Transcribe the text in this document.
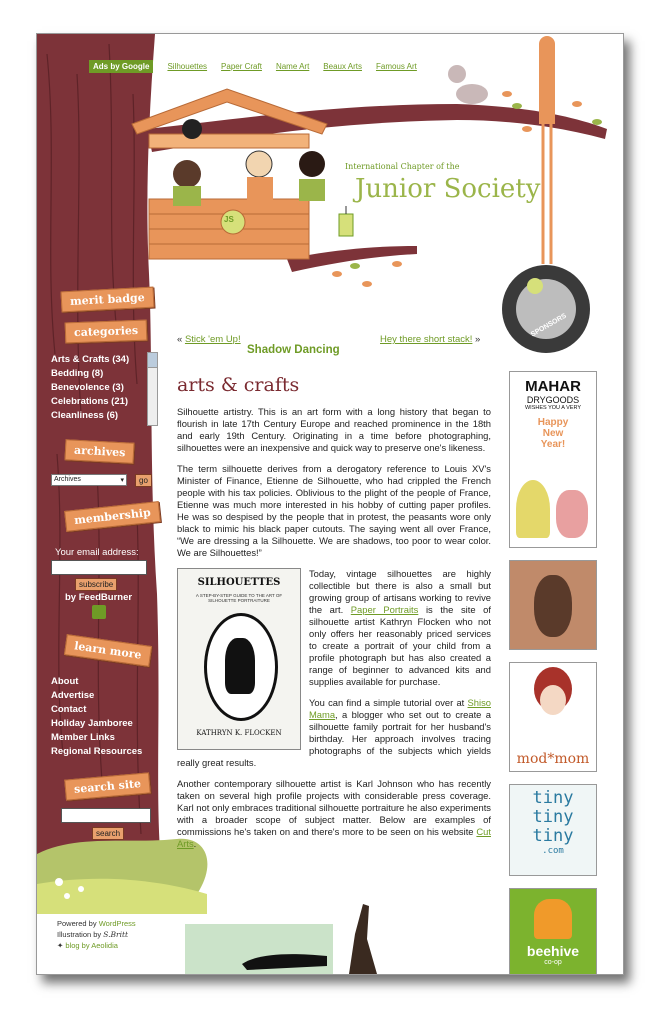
Ads by Google	Silhouettes Paper Craft Name Art Beaux Arts Famous Art
International Chapter of the
Junior Society
JS
SPONSORS
merit badge
categories
Arts & Crafts (34)
Bedding (8)
Benevolence (3)
Celebrations (21)
Cleanliness (6)
archives
Archives	▾	go
membership
Your email address:
subscribe
by FeedBurner
learn more
About
Advertise
Contact
Holiday Jamboree
Member Links
Regional Resources
search site
search
« Stick 'em Up!	Hey there short stack! »
Shadow Dancing
arts & crafts

Silhouette artistry. This is an art form with a long history that began to flourish in late 17th Century Europe and reached prominence in the 18th and early 19th Century. Originating in a time before photographing, silhouettes were an inexpensive and quick way to preserve one's likeness.

The term silhouette derives from a derogatory reference to Louis XV's Minister of Finance, Etienne de Silhouette, who had crippled the French people with his tax policies. Oblivious to the plight of the people of France, Etienne was much more interested in his hobby of cutting paper profiles. He was so despised by the people that in protest, the peasants wore only black to mimic his black paper cutouts. The saying went all over France, “We are dressing a la Silhouette. We are shadows, too poor to wear color. We are Silhouettes!”

SILHOUETTES
A STEP-BY-STEP GUIDE TO THE ART OF SILHOUETTE PORTRAITURE
KATHRYN K. FLOCKEN

Today, vintage silhouettes are highly collectible but there is also a small but growing group of artisans working to revive the art. Paper Portraits is the site of silhouette artist Kathryn Flocken who not only offers her reasonably priced services to create a portrait of your child from a profile photograph but has also created a range of beginner to advanced kits and supplies available for purchase.

You can find a simple tutorial over at Shiso Mama, a blogger who set out to create a silhouette family portrait for her husband's birthday. Her approach involves tracing photographs of the subjects which yields really great results.

Another contemporary silhouette artist is Karl Johnson who has recently taken on several high profile projects with considerable press coverage. Karl not only embraces traditional silhouette portraiture he also experiments with a broader scope of subject matter. Below are examples of commissions he's taken on and there's more to be seen on his website Cut Arts.

MAHAR
DRYGOODS
WISHES YOU A VERY
Happy New Year!
mod*mom
tiny
tiny
tiny
.com
beehive
co-op
Powered by WordPress
Illustration by S.Britt
✦ blog by Aeolidia
